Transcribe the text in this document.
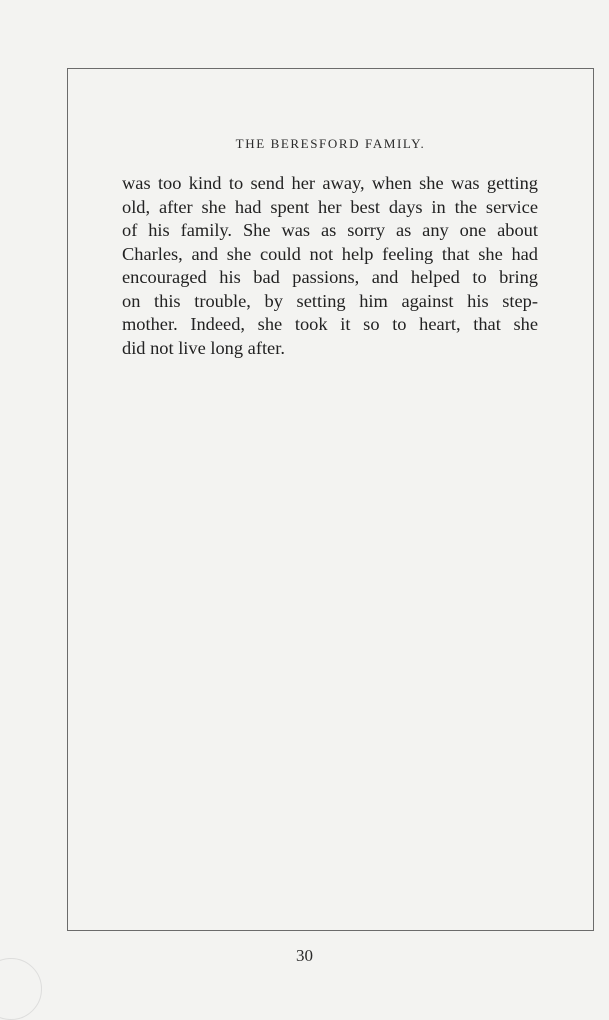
THE BERESFORD FAMILY.
was too kind to send her away, when she was getting
old, after she had spent her best days in the service
of his family. She was as sorry as any one about
Charles, and she could not help feeling that she had
encouraged his bad passions, and helped to bring
on this trouble, by setting him against his step-
mother. Indeed, she took it so to heart, that she
did not live long after.
30
